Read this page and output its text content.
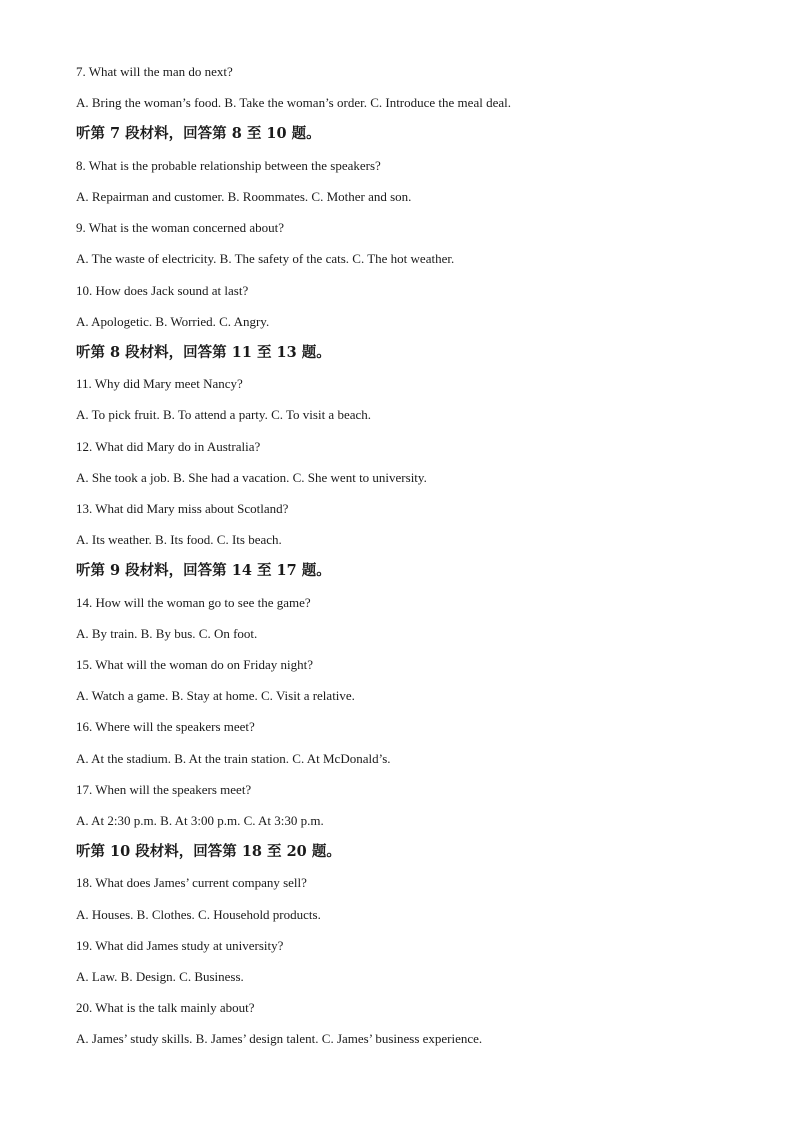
7. What will the man do next?
A. Bring the woman’s food. B. Take the woman’s order. C. Introduce the meal deal.
听第 7 段材料，回答第 8 至 10 题。
8. What is the probable relationship between the speakers?
A. Repairman and customer. B. Roommates. C. Mother and son.
9. What is the woman concerned about?
A. The waste of electricity. B. The safety of the cats. C. The hot weather.
10. How does Jack sound at last?
A. Apologetic. B. Worried. C. Angry.
听第 8 段材料，回答第 11 至 13 题。
11. Why did Mary meet Nancy?
A. To pick fruit. B. To attend a party. C. To visit a beach.
12. What did Mary do in Australia?
A. She took a job. B. She had a vacation. C. She went to university.
13. What did Mary miss about Scotland?
A. Its weather. B. Its food. C. Its beach.
听第 9 段材料，回答第 14 至 17 题。
14. How will the woman go to see the game?
A. By train. B. By bus. C. On foot.
15. What will the woman do on Friday night?
A. Watch a game. B. Stay at home. C. Visit a relative.
16. Where will the speakers meet?
A. At the stadium. B. At the train station. C. At McDonald’s.
17. When will the speakers meet?
A. At 2:30 p.m. B. At 3:00 p.m. C. At 3:30 p.m.
听第 10 段材料，回答第 18 至 20 题。
18. What does James’ current company sell?
A. Houses. B. Clothes. C. Household products.
19. What did James study at university?
A. Law. B. Design. C. Business.
20. What is the talk mainly about?
A. James’ study skills. B. James’ design talent. C. James’ business experience.
